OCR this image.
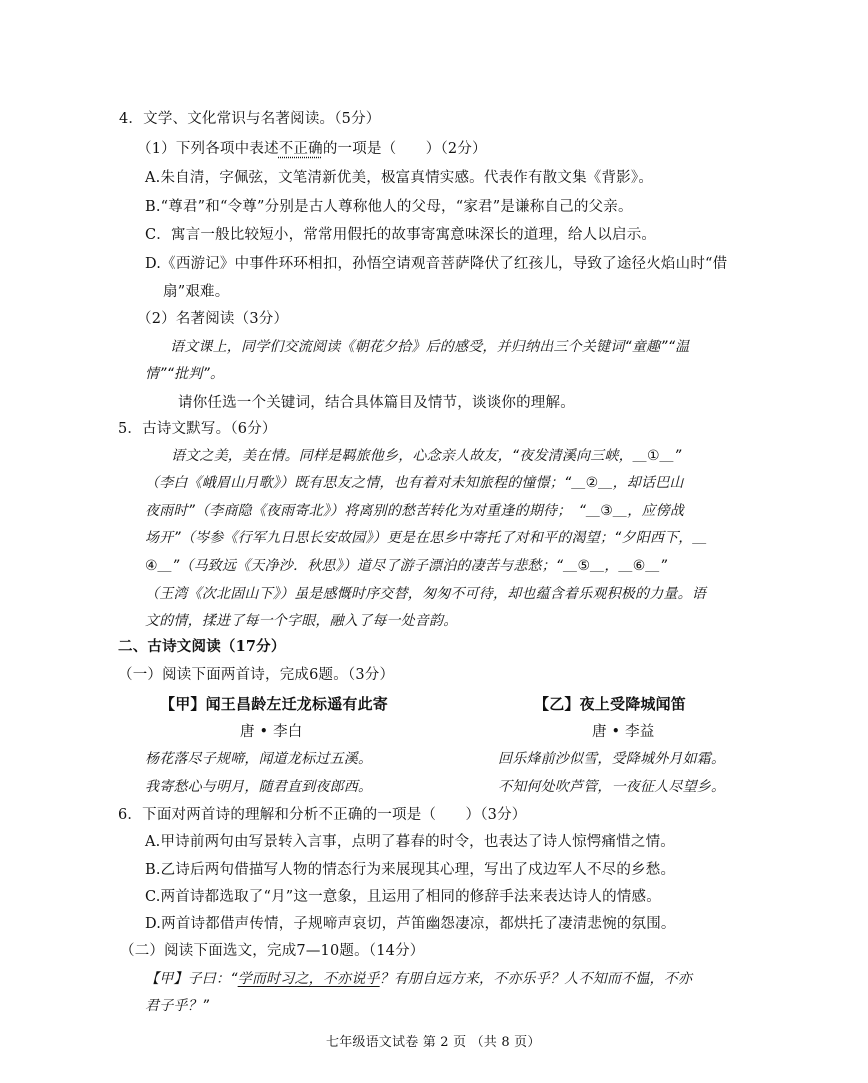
4．文学、文化常识与名著阅读。（5分）
（1）下列各项中表述不正确的一项是（　　）（2分）
A.朱自清，字佩弦，文笔清新优美，极富真情实感。代表作有散文集《背影》。
B.“尊君”和“令尊”分别是古人尊称他人的父母，“家君”是谦称自己的父亲。
C．寓言一般比较短小，常常用假托的故事寄寓意味深长的道理，给人以启示。
D.《西游记》中事件环环相扣，孙悟空请观音菩萨降伏了红孩儿，导致了途径火焰山时“借
扇”艰难。
（2）名著阅读（3分）
语文课上，同学们交流阅读《朝花夕拾》后的感受，并归纳出三个关键词“童趣”“温
情”“批判”。
请你任选一个关键词，结合具体篇目及情节，谈谈你的理解。
5．古诗文默写。（6分）
语文之美，美在情。同样是羁旅他乡，心念亲人故友，“夜发清溪向三峡，＿①＿”
（李白《峨眉山月歌》）既有思友之情，也有着对未知旅程的憧憬；“＿②＿，却话巴山
夜雨时”（李商隐《夜雨寄北》）将离别的愁苦转化为对重逢的期待；　“＿③＿，应傍战
场开”（岑参《行军九日思长安故园》）更是在思乡中寄托了对和平的渴望；“夕阳西下，＿
④＿”（马致远《天净沙．秋思》）道尽了游子漂泊的凄苦与悲愁；“＿⑤＿，＿⑥＿”
（王湾《次北固山下》）虽是感慨时序交替，匆匆不可待，却也蕴含着乐观积极的力量。语
文的情，揉进了每一个字眼，融入了每一处音韵。
二、古诗文阅读（17分）
（一）阅读下面两首诗，完成6题。（3分）
【甲】闻王昌龄左迁龙标遥有此寄
唐 • 李白
杨花落尽子规啼，闻道龙标过五溪。
我寄愁心与明月，随君直到夜郎西。
【乙】夜上受降城闻笛
唐 • 李益
回乐烽前沙似雪，受降城外月如霜。
不知何处吹芦管，一夜征人尽望乡。
6．下面对两首诗的理解和分析不正确的一项是（　　）（3分）
A.甲诗前两句由写景转入言事，点明了暮春的时令，也表达了诗人惊愕痛惜之情。
B.乙诗后两句借描写人物的情态行为来展现其心理，写出了戍边军人不尽的乡愁。
C.两首诗都选取了“月”这一意象，且运用了相同的修辞手法来表达诗人的情感。
D.两首诗都借声传情，子规啼声哀切，芦笛幽怨凄凉，都烘托了凄清悲惋的氛围。
（二）阅读下面选文，完成7—10题。（14分）
【甲】子曰：“学而时习之，不亦说乎？有朋自远方来，不亦乐乎？人不知而不愠，不亦
君子乎？”
七年级语文试卷 第 2 页 （共 8 页）
